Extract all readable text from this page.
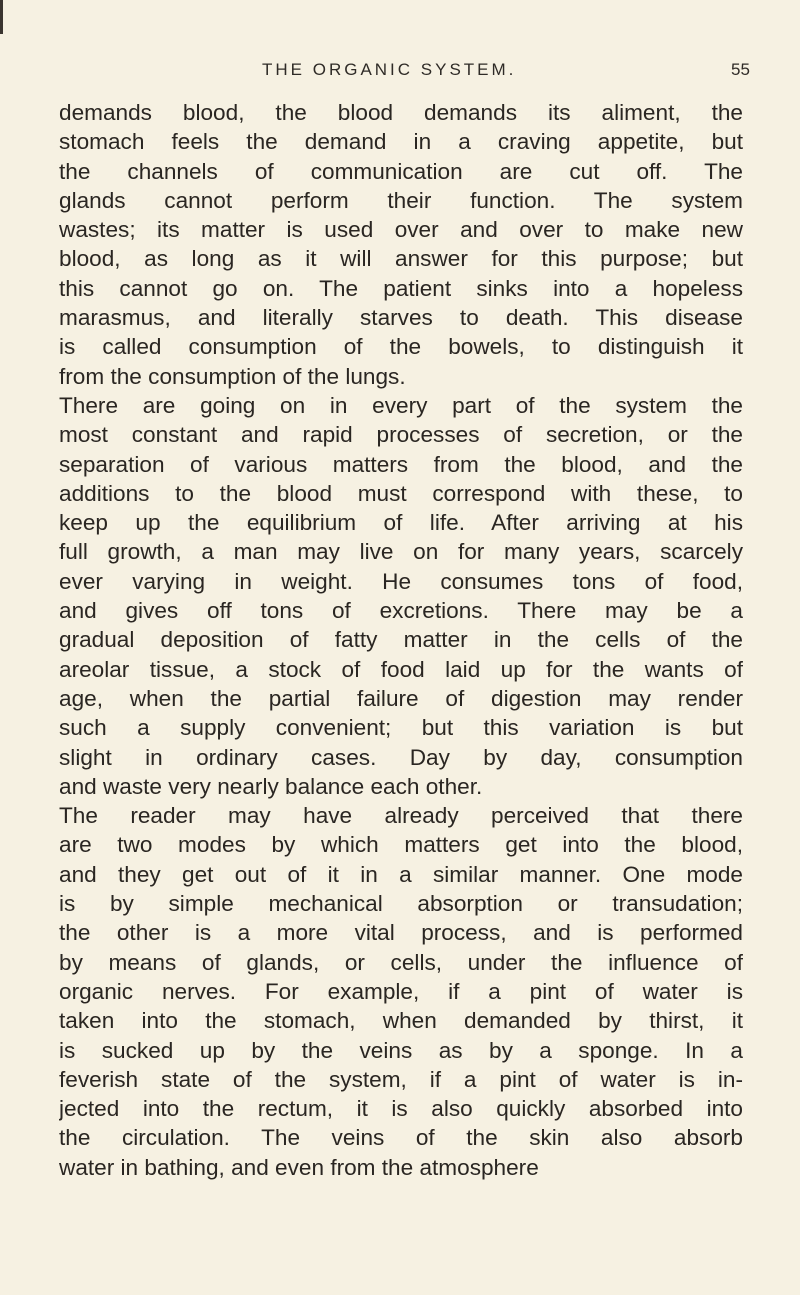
THE ORGANIC SYSTEM.	55
demands blood, the blood demands its aliment, the
stomach feels the demand in a craving appetite, but
the channels of communication are cut off. The
glands cannot perform their function. The system
wastes; its matter is used over and over to make new
blood, as long as it will answer for this purpose; but
this cannot go on. The patient sinks into a hopeless
marasmus, and literally starves to death. This disease
is called consumption of the bowels, to distinguish it
from the consumption of the lungs.
There are going on in every part of the system the
most constant and rapid processes of secretion, or the
separation of various matters from the blood, and the
additions to the blood must correspond with these, to
keep up the equilibrium of life. After arriving at his
full growth, a man may live on for many years, scarcely
ever varying in weight. He consumes tons of food,
and gives off tons of excretions. There may be a
gradual deposition of fatty matter in the cells of the
areolar tissue, a stock of food laid up for the wants of
age, when the partial failure of digestion may render
such a supply convenient; but this variation is but
slight in ordinary cases. Day by day, consumption
and waste very nearly balance each other.
The reader may have already perceived that there
are two modes by which matters get into the blood,
and they get out of it in a similar manner. One mode
is by simple mechanical absorption or transudation;
the other is a more vital process, and is performed
by means of glands, or cells, under the influence of
organic nerves. For example, if a pint of water is
taken into the stomach, when demanded by thirst, it
is sucked up by the veins as by a sponge. In a
feverish state of the system, if a pint of water is in-
jected into the rectum, it is also quickly absorbed into
the circulation. The veins of the skin also absorb
water in bathing, and even from the atmosphere
